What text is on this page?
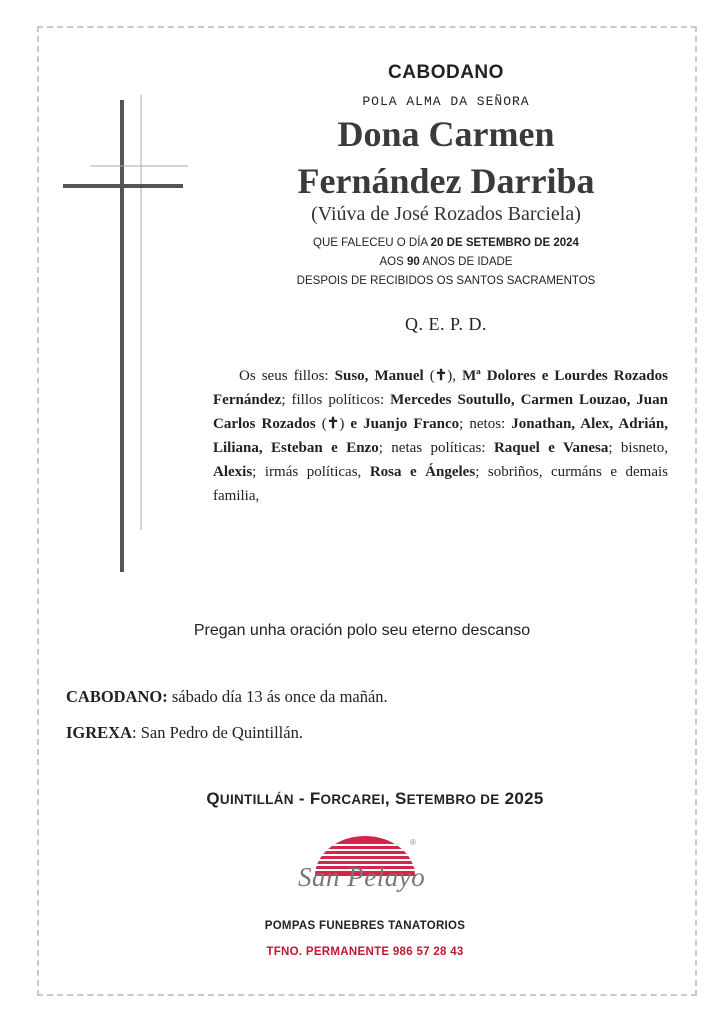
CABODANO
POLA ALMA DA SEÑORA
Dona Carmen
Fernández Darriba
(Viúva de José Rozados Barciela)
QUE FALECEU O DÍA 20 DE SETEMBRO DE 2024
AOS 90 ANOS DE IDADE
DESPOIS DE RECIBIDOS OS SANTOS SACRAMENTOS
Q. E. P. D.
Os seus fillos: Suso, Manuel (✝), Mª Dolores e Lourdes Rozados Fernández; fillos políticos: Mercedes Soutullo, Carmen Louzao, Juan Carlos Rozados (✝) e Juanjo Franco; netos: Jonathan, Alex, Adrián, Liliana, Esteban e Enzo; netas políticas: Raquel e Vanesa; bisneto, Alexis; irmás políticas, Rosa e Ángeles; sobriños, curmáns e demais familia,
Pregan unha oración polo seu eterno descanso
CABODANO: sábado día 13 ás once da mañán.
IGREXA: San Pedro de Quintillán.
QUINTILLÁN - FORCAREI, SETEMBRO DE 2025
San Pelayo
®
POMPAS FUNEBRES TANATORIOS
TFNO. PERMANENTE 986 57 28 43
